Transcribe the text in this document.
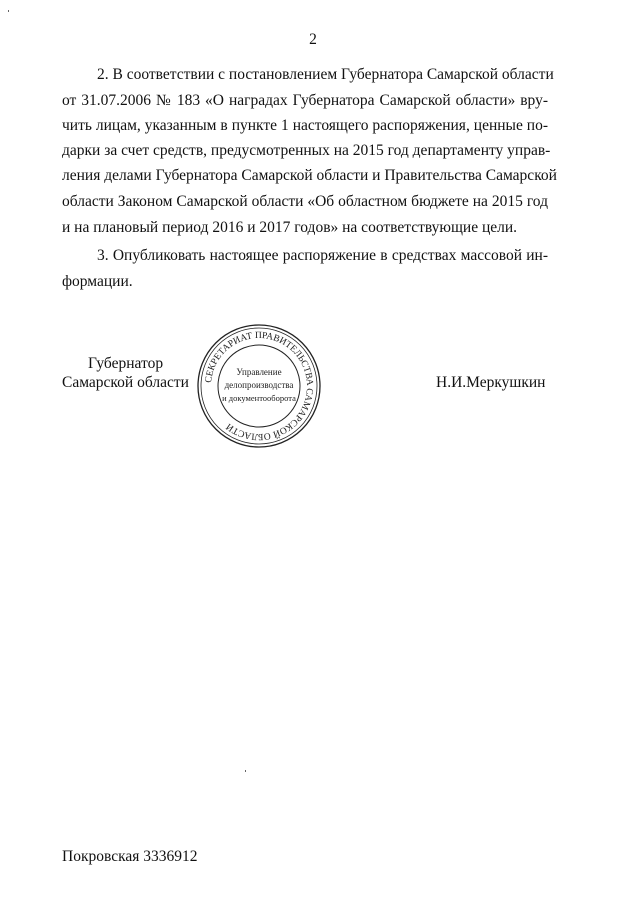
2
2. В соответствии с постановлением Губернатора Самарской области
от 31.07.2006 № 183 «О наградах Губернатора Самарской области» вру-
чить лицам, указанным в пункте 1 настоящего распоряжения, ценные по-
дарки за счет средств, предусмотренных на 2015 год департаменту управ-
ления делами Губернатора Самарской области и Правительства Самарской
области Законом Самарской области «Об областном бюджете на 2015 год
и на плановый период 2016 и 2017 годов» на соответствующие цели.
3. Опубликовать настоящее распоряжение в средствах массовой ин-
формации.
Губернатор
Самарской области	Н.И.Меркушкин
СЕКРЕТАРИАТ ПРАВИТЕЛЬСТВА САМАРСКОЙ ОБЛАСТИ
Управление
делопроизводства
и документооборота
Покровская 3336912
